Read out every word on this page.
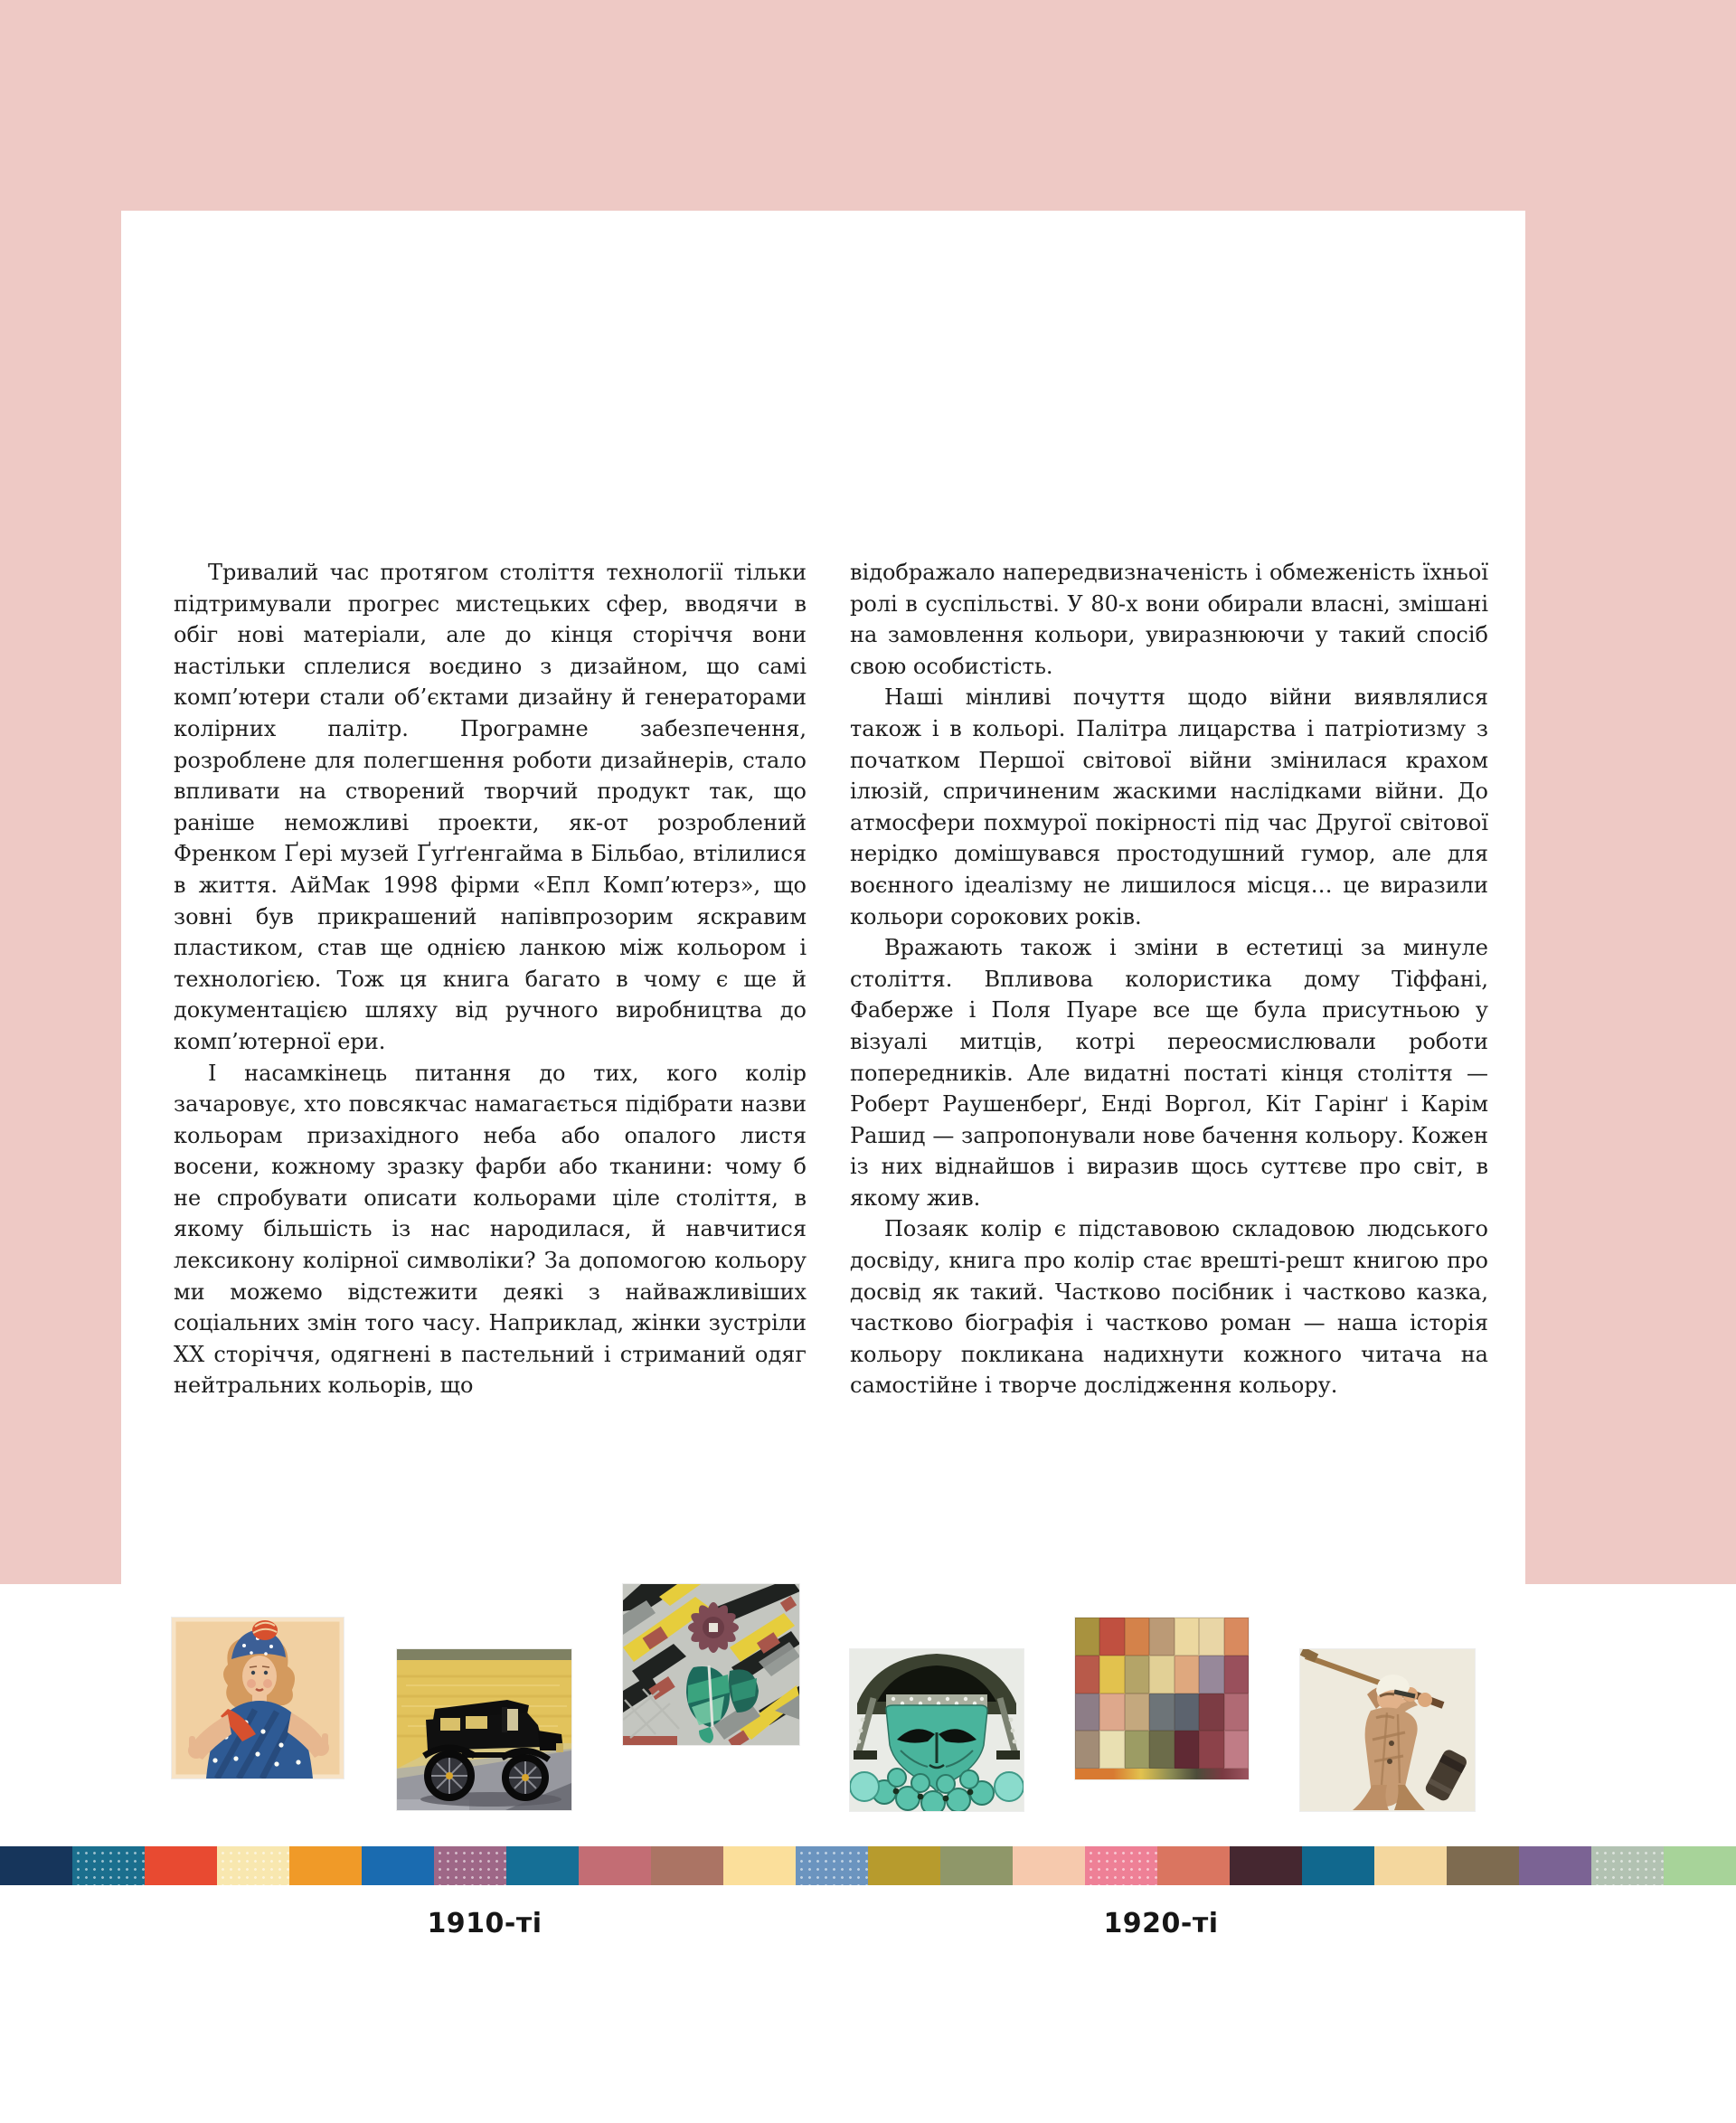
Тривалий час протягом століття технології тільки підтримували прогрес мистецьких сфер, вводячи в обіг нові матеріали, але до кінця сторіччя вони настільки сплелися воєдино з дизайном, що самі комп’ютери стали об’єктами дизайну й генераторами колірних палітр. Програмне забезпечення, розроблене для полегшення роботи дизайнерів, стало впливати на створений творчий продукт так, що раніше неможливі проекти, як-от розроблений Френком Ґері музей Ґуґґенгайма в Більбао, втілилися в життя. АйМак 1998 фірми «Епл Комп’ютерз», що зовні був прикрашений напівпрозорим яскравим пластиком, став ще однією ланкою між кольором і технологією. Тож ця книга багато в чому є ще й документацією шляху від ручного виробництва до комп’ютерної ери.

І насамкінець питання до тих, кого колір зачаровує, хто повсякчас намагається підібрати назви кольорам призахідного неба або опалого листя восени, кожному зразку фарби або тканини: чому б не спробувати описати кольорами ціле століття, в якому більшість із нас народилася, й навчитися лексикону колірної символіки? За допомогою кольору ми можемо відстежити деякі з найважливіших соціальних змін того часу. Наприклад, жінки зустріли XX сторіччя, одягнені в пастельний і стриманий одяг нейтральних кольорів, що

відображало напередвизначеність і обмеженість їхньої ролі в суспільстві. У 80-х вони обирали власні, змішані на замовлення кольори, увиразнюючи у такий спосіб свою особистість.

Наші мінливі почуття щодо війни виявлялися також і в кольорі. Палітра лицарства і патріотизму з початком Першої світової війни змінилася крахом ілюзій, спричиненим жаскими наслідками війни. До атмосфери похмурої покірності під час Другої світової нерідко домішувався простодушний гумор, але для воєнного ідеалізму не лишилося місця… це виразили кольори сорокових років.

Вражають також і зміни в естетиці за минуле століття. Впливова колористика дому Тіффані, Фаберже і Поля Пуаре все ще була присутньою у візуалі митців, котрі переосмислювали роботи попередників. Але видатні постаті кінця століття — Роберт Раушенберґ, Енді Воргол, Кіт Гарінґ і Карім Рашид — запропонували нове бачення кольору. Кожен із них віднайшов і виразив щось суттєве про світ, в якому жив.

Позаяк колір є підставовою складовою людського досвіду, книга про колір стає врешті-решт книгою про досвід як такий. Частково посібник і частково казка, частково біографія і частково роман — наша історія кольору покликана надихнути кожного читача на самостійне і творче дослідження кольору.

1910-ті	1920-ті
